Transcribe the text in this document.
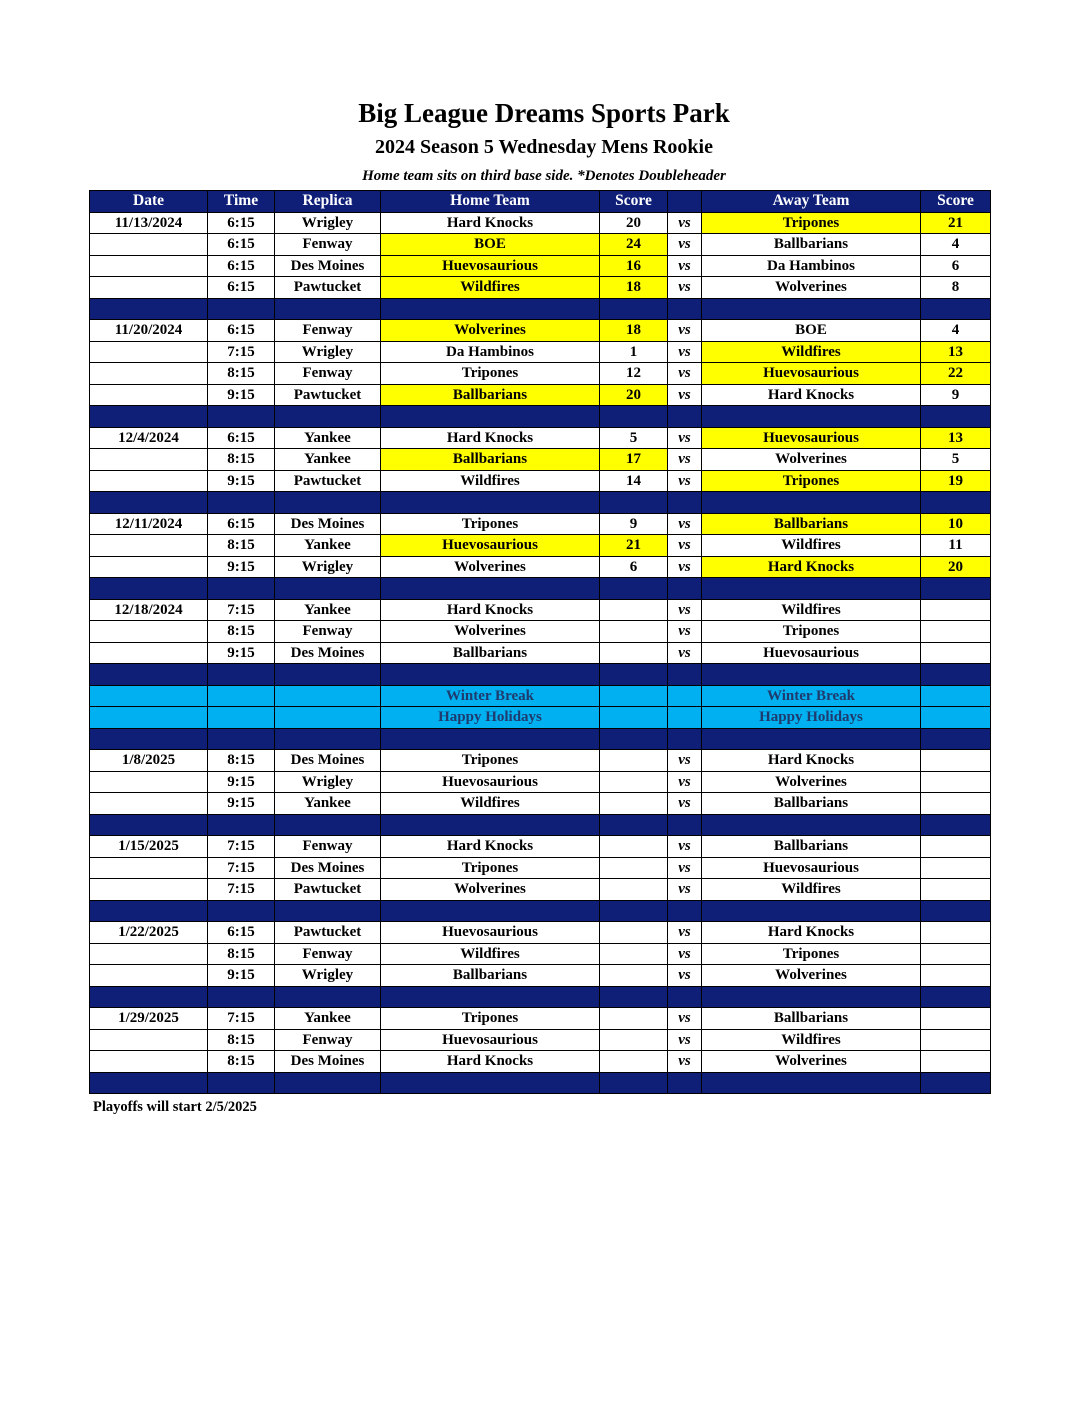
Big League Dreams Sports Park
2024 Season 5 Wednesday Mens Rookie
Home team sits on third base side. *Denotes Doubleheader
Date	Time	Replica	Home Team	Score		Away Team	Score
11/13/2024	6:15	Wrigley	Hard Knocks	20	vs	Tripones	21
	6:15	Fenway	BOE	24	vs	Ballbarians	4
	6:15	Des Moines	Huevosaurious	16	vs	Da Hambinos	6
	6:15	Pawtucket	Wildfires	18	vs	Wolverines	8

11/20/2024	6:15	Fenway	Wolverines	18	vs	BOE	4
	7:15	Wrigley	Da Hambinos	1	vs	Wildfires	13
	8:15	Fenway	Tripones	12	vs	Huevosaurious	22
	9:15	Pawtucket	Ballbarians	20	vs	Hard Knocks	9

12/4/2024	6:15	Yankee	Hard Knocks	5	vs	Huevosaurious	13
	8:15	Yankee	Ballbarians	17	vs	Wolverines	5
	9:15	Pawtucket	Wildfires	14	vs	Tripones	19

12/11/2024	6:15	Des Moines	Tripones	9	vs	Ballbarians	10
	8:15	Yankee	Huevosaurious	21	vs	Wildfires	11
	9:15	Wrigley	Wolverines	6	vs	Hard Knocks	20

12/18/2024	7:15	Yankee	Hard Knocks		vs	Wildfires	
	8:15	Fenway	Wolverines		vs	Tripones	
	9:15	Des Moines	Ballbarians		vs	Huevosaurious	

			Winter Break			Winter Break	
			Happy Holidays			Happy Holidays	

1/8/2025	8:15	Des Moines	Tripones		vs	Hard Knocks	
	9:15	Wrigley	Huevosaurious		vs	Wolverines	
	9:15	Yankee	Wildfires		vs	Ballbarians	

1/15/2025	7:15	Fenway	Hard Knocks		vs	Ballbarians	
	7:15	Des Moines	Tripones		vs	Huevosaurious	
	7:15	Pawtucket	Wolverines		vs	Wildfires	

1/22/2025	6:15	Pawtucket	Huevosaurious		vs	Hard Knocks	
	8:15	Fenway	Wildfires		vs	Tripones	
	9:15	Wrigley	Ballbarians		vs	Wolverines	

1/29/2025	7:15	Yankee	Tripones		vs	Ballbarians	
	8:15	Fenway	Huevosaurious		vs	Wildfires	
	8:15	Des Moines	Hard Knocks		vs	Wolverines	

Playoffs will start 2/5/2025
